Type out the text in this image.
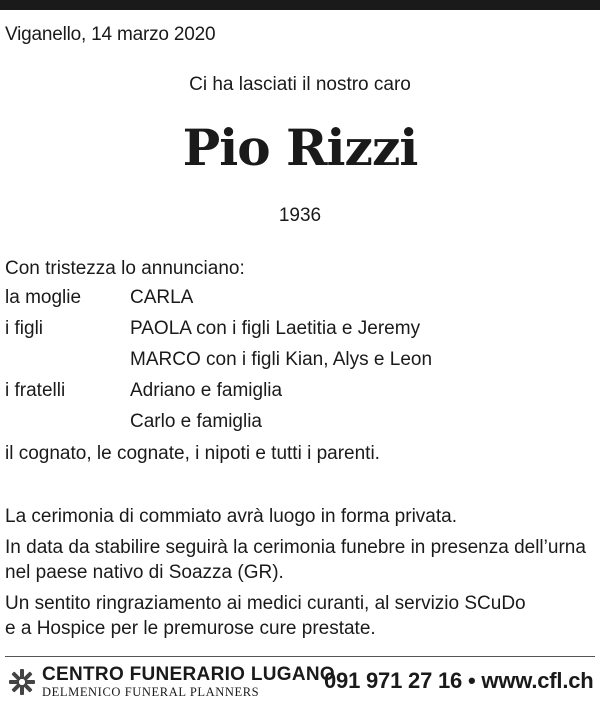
Viganello, 14 marzo 2020
Ci ha lasciati il nostro caro
Pio Rizzi
1936
Con tristezza lo annunciano:
la moglie	CARLA
i figli	PAOLA con i figli Laetitia e Jeremy
MARCO con i figli Kian, Alys e Leon
i fratelli	Adriano e famiglia
Carlo e famiglia
il cognato, le cognate, i nipoti e tutti i parenti.
La cerimonia di commiato avrà luogo in forma privata.
In data da stabilire seguirà la cerimonia funebre in presenza dell’urna
nel paese nativo di Soazza (GR).
Un sentito ringraziamento ai medici curanti, al servizio SCuDo
e a Hospice per le premurose cure prestate.
CENTRO FUNERARIO LUGANO
DELMENICO FUNERAL PLANNERS	091 971 27 16 • www.cfl.ch
